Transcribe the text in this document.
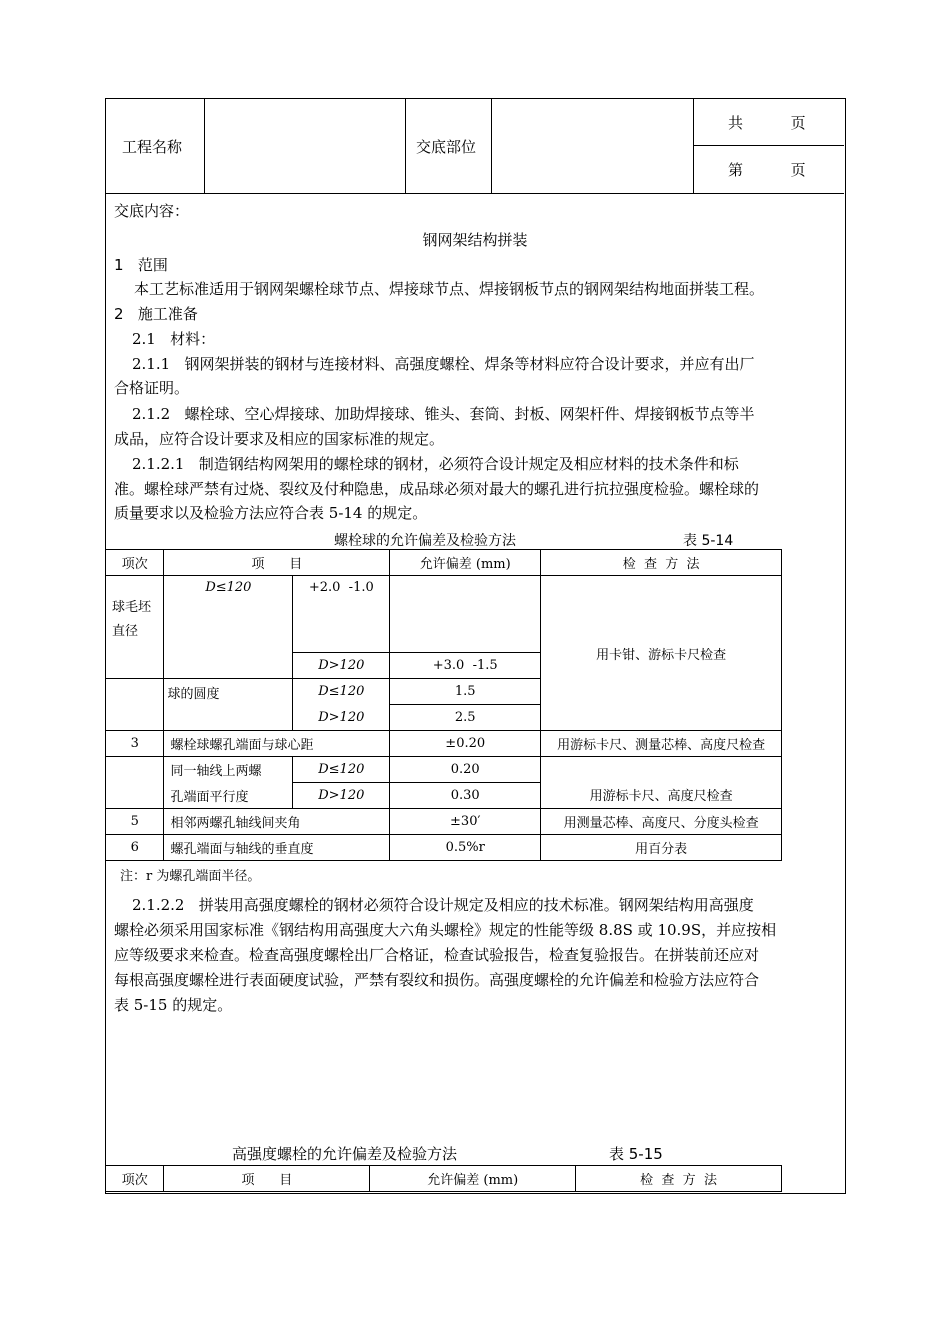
工程名称	交底部位
共          页
第          页
交底内容：
钢网架结构拼装
1   范围
本工艺标准适用于钢网架螺栓球节点、焊接球节点、焊接钢板节点的钢网架结构地面拼装工程。
2   施工准备
2.1   材料：
2.1.1   钢网架拼装的钢材与连接材料、高强度螺栓、焊条等材料应符合设计要求，并应有出厂
合格证明。
2.1.2   螺栓球、空心焊接球、加助焊接球、锥头、套筒、封板、网架杆件、焊接钢板节点等半
成品，应符合设计要求及相应的国家标准的规定。
2.1.2.1   制造钢结构网架用的螺栓球的钢材，必须符合设计规定及相应材料的技术条件和标
准。螺栓球严禁有过烧、裂纹及付种隐患，成品球必须对最大的螺孔进行抗拉强度检验。螺栓球的
质量要求以及检验方法应符合表 5-14 的规定。
螺栓球的允许偏差及检验方法	表 5-14
项次	项      目		允许偏差 (mm)	检  查  方  法
球毛坯直径	D≤120	+2.0  -1.0		用卡钳、游标卡尺检查
		D>120	+3.0  -1.5	
	球的圆度	D≤120	1.5	
		D>120	2.5	
3	螺栓球螺孔端面与球心距		±0.20	用游标卡尺、测量芯棒、高度尺检查
	同一轴线上两螺	D≤120	0.20	用游标卡尺、高度尺检查
	孔端面平行度	D>120	0.30	
5	相邻两螺孔轴线间夹角		±30′	用测量芯棒、高度尺、分度头检查
6	螺孔端面与轴线的垂直度		0.5%r	用百分表
注：r 为螺孔端面半径。
2.1.2.2   拼装用高强度螺栓的钢材必须符合设计规定及相应的技术标准。钢网架结构用高强度
螺栓必须采用国家标准《钢结构用高强度大六角头螺栓》规定的性能等级 8.8S 或 10.9S，并应按相
应等级要求来检查。检查高强度螺栓出厂合格证，检查试验报告，检查复验报告。在拼装前还应对
每根高强度螺栓进行表面硬度试验，严禁有裂纹和损伤。高强度螺栓的允许偏差和检验方法应符合
表 5-15 的规定。
高强度螺栓的允许偏差及检验方法	表 5-15
项次	项      目	允许偏差 (mm)	检  查  方  法
